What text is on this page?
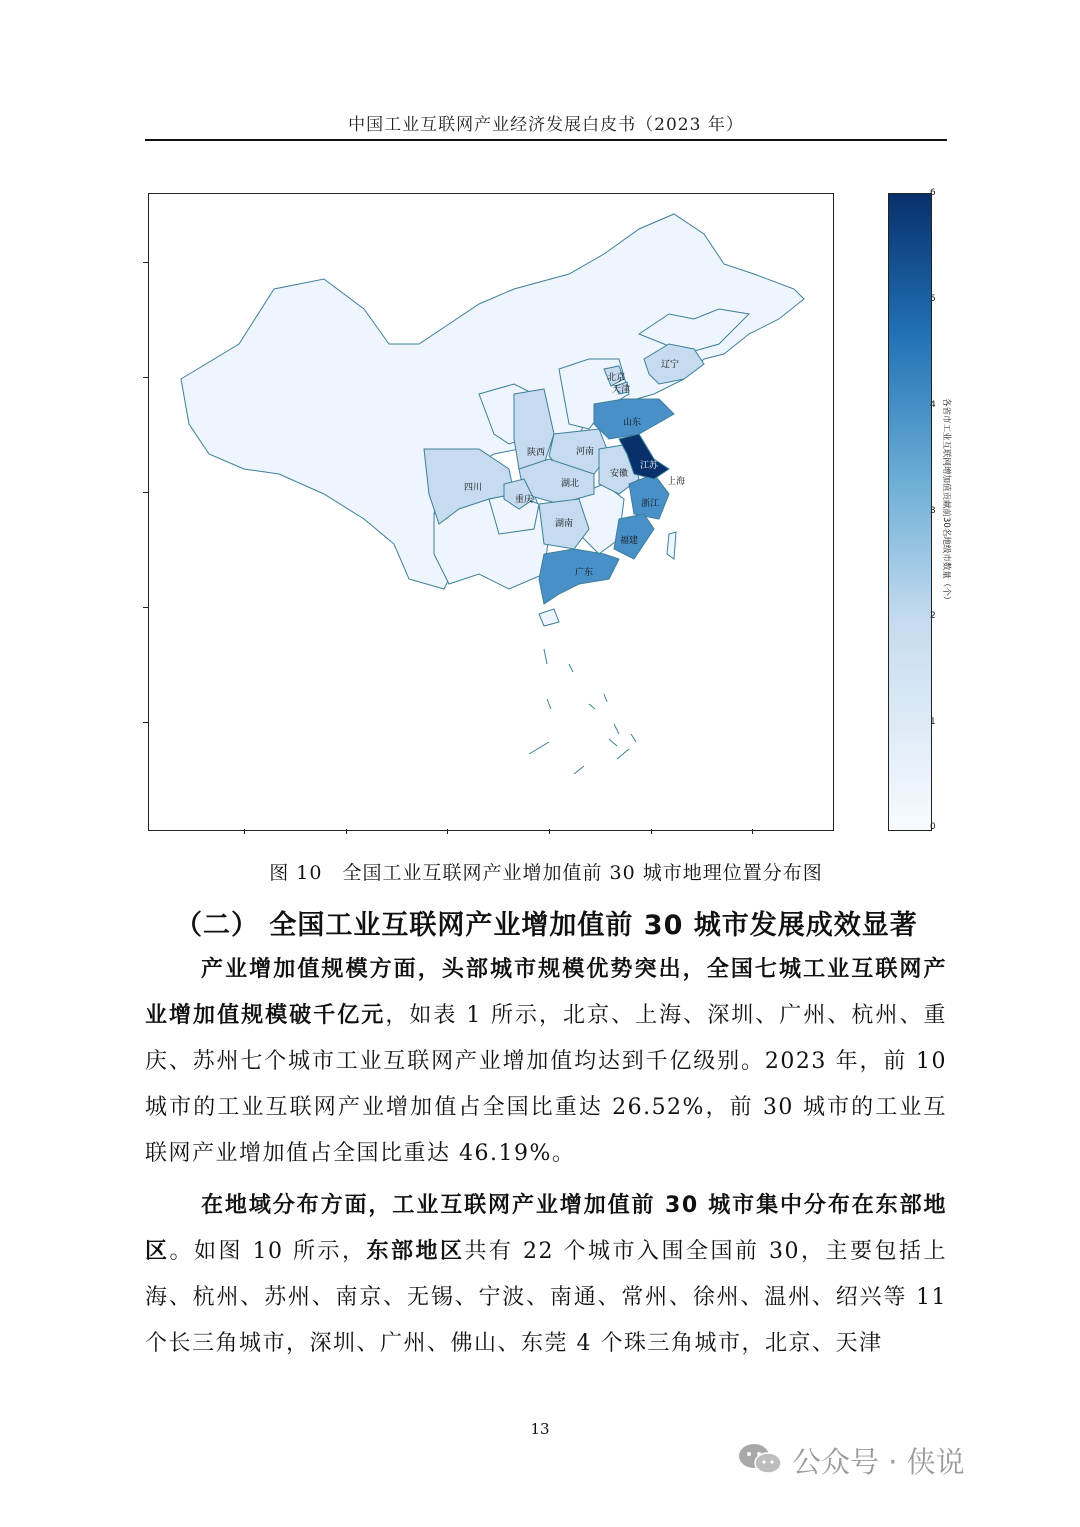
中国工业互联网产业经济发展白皮书（2023 年）
辽宁
北京
天津
山东
陕西	河南
江苏
安徽
上海
四川	湖北
重庆	浙江
湖南
福建
广东
6
5
4
3
2
1
0
各省市工业互联网增加值贡献前30名地级市数量（个）
图 10　全国工业互联网产业增加值前 30 城市地理位置分布图
（二） 全国工业互联网产业增加值前 30 城市发展成效显著
产业增加值规模方面，头部城市规模优势突出，全国七城工业互联网产业增加值规模破千亿元，如表 1 所示，北京、上海、深圳、广州、杭州、重庆、苏州七个城市工业互联网产业增加值均达到千亿级别。2023 年，前 10 城市的工业互联网产业增加值占全国比重达 26.52%，前 30 城市的工业互联网产业增加值占全国比重达 46.19%。
在地域分布方面，工业互联网产业增加值前 30 城市集中分布在东部地区。如图 10 所示，东部地区共有 22 个城市入围全国前 30，主要包括上海、杭州、苏州、南京、无锡、宁波、南通、常州、徐州、温州、绍兴等 11 个长三角城市，深圳、广州、佛山、东莞 4 个珠三角城市，北京、天津
13
公众号 · 侠说
